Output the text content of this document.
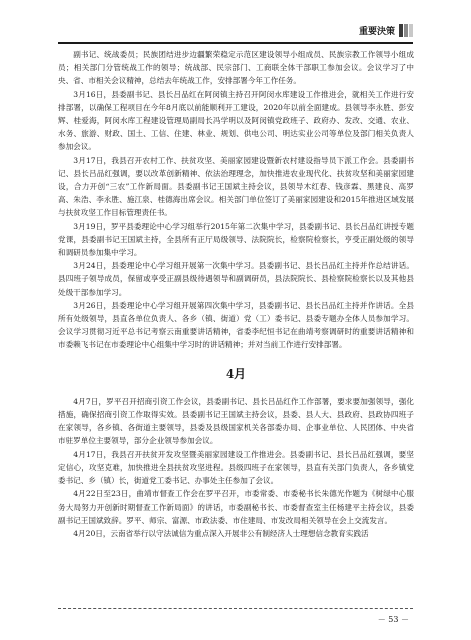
重要決策

副书记、统战委员；民族团结进步边疆繁荣稳定示范区建设领导小组成员、民族宗教工作领导小组成员；相关部门分管统战工作的领导；统战部、民宗部门、工商联全体干部职工参加会议。会议学习了中央、省、市相关会议精神，总结去年统战工作，安排部署今年工作任务。

3月16日，县委副书记、县长吕品红在阿闵镇主持召开阿闵水库建设工作推进会，就相关工作进行安排部署，以确保工程项目在今年8月底以前能顺利开工建设，2020年以前全面建成。县领导李永胜、彭安辉、桂爱海，阿闵水库工程建设管理局副局长冯学明以及阿闵镇党政班子、政府办、发改、交通、农业、水务、旅游、财政、国土、工信、住建、林业、规划、供电公司、明达实业公司等单位及部门相关负责人参加会议。

3月17日，我县召开农村工作、扶贫攻坚、美丽家园建设暨新农村建设指导员下派工作会。县委副书记、县长吕品红强调，要以改革创新精神、依法治理理念，加快推进农业现代化、扶贫攻坚和美丽家园建设，合力开创“三农”工作新局面。县委副书记王国斌主持会议，县领导木红春、钱彦霖、黑建良、高罗高、朱浩、李永胜、施江泉、桂德海出席会议。相关部门单位签订了美丽家园建设和2015年推进区域发展与扶贫攻坚工作目标管理责任书。

3月19日，罗平县委理论中心学习组举行2015年第二次集中学习，县委副书记、县长吕品红讲授专题党课，县委副书记王国斌主持，全县所有正厅局级领导、法院院长，检察院检察长，亨受正副处级的领导和调研员参加集中学习。

3月24日，县委理论中心学习组开展第一次集中学习。县委副书记、县长吕品红主持并作总结讲话。县四班子领导成员，保留或享受正副县级待遇领导和副调研员，县法院院长、县检察院检察长以及其他县处级干部参加学习。

3月26日，县委理论中心学习组开展第四次集中学习，县委副书记、县长吕品红主持并作讲话。全县所有处级领导，县直各单位负责人、各乡（镇、街道）党（工）委书记、县委专题办全体人员参加学习。会议学习贯彻习近平总书记考察云南重要讲话精神，省委李纪恒书记在曲靖考察调研时的重要讲话精神和市委赖飞书记在市委理论中心组集中学习时的讲话精神；并对当前工作进行安排部署。

4月

4月7日，罗平召开招商引资工作会议，县委副书记、县长吕品红作工作部署，要求要加强领导，强化措施，确保招商引资工作取得实效。县委副书记王国斌主持会议，县委、县人大、县政府、县政协四班子在家领导，各乡镇、各街道主要领导，县委及县级国家机关各部委办局、企事业单位、人民团体、中央省市驻罗单位主要领导，部分企业领导参加会议。

4月17日，我县召开扶贫开发攻坚暨美丽家园建设工作推进会。县委副书记、县长吕品红强调，要坚定信心，攻坚克难，加快推进全县扶贫攻坚进程。县级四班子在家领导，县直有关部门负责人，各乡镇党委书记、乡（镇）长，街道党工委书记、办事处主任参加了会议。

4月22日至23日，曲靖市督查工作会在罗平召开，市委常委、市委秘书长朱德光作题为《树绿中心服务大局努力开创新时期督查工作新局面》的讲话，市委副秘书长、市委督查室主任杨建平主持会议，县委副书记王国斌致辞。罗平、师宗、富源、市政法委、市住建局、市发改局相关领导在会上交流发言。

4月20日，云南省举行以守法诚信为重点深入开展非公有制经济人士理想信念教育实践活

－ 53 －
